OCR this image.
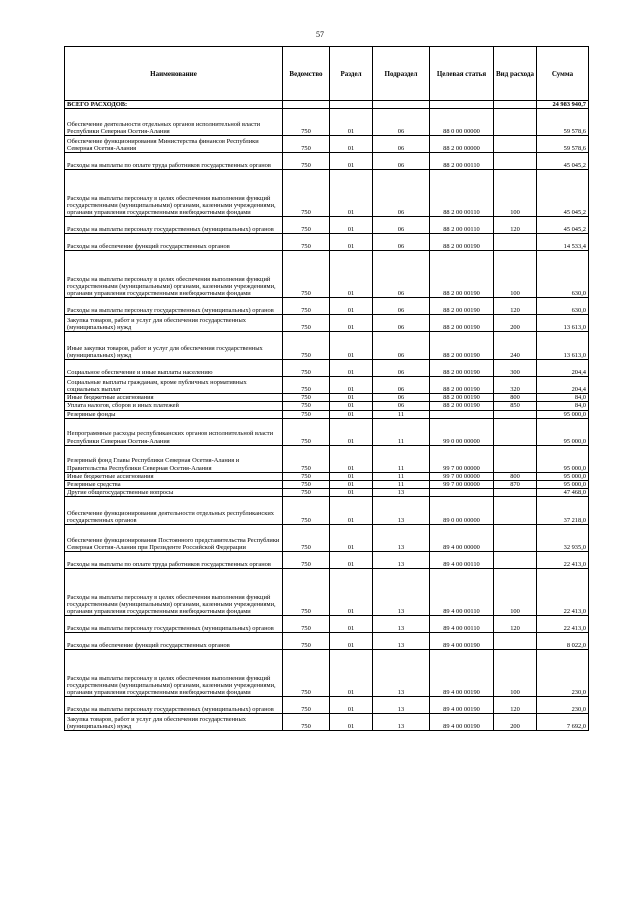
57
Наименование	Ведомство	Раздел	Подраздел	Целевая статья	Вид расхода	Сумма
ВСЕГО РАСХОДОВ:						24 983 940,7
Обеспечение деятельности отдельных органов исполнительной власти Республики Северная Осетия-Алания	750	01	06	88 0 00 00000		59 578,6
Обеспечение функционирования Министерства финансов Республики Северная Осетия-Алания	750	01	06	88 2 00 00000		59 578,6
Расходы на выплаты по оплате труда работников государственных органов	750	01	06	88 2 00 00110		45 045,2
Расходы на выплаты персоналу в целях обеспечения выполнения функций государственными (муниципальными) органами, казенными учреждениями, органами управления государственными внебюджетными фондами	750	01	06	88 2 00 00110	100	45 045,2
Расходы на выплаты персоналу государственных (муниципальных) органов	750	01	06	88 2 00 00110	120	45 045,2
Расходы на обеспечение функций государственных органов	750	01	06	88 2 00 00190		14 533,4
Расходы на выплаты персоналу в целях обеспечения выполнения функций государственными (муниципальными) органами, казенными учреждениями, органами управления государственными внебюджетными фондами	750	01	06	88 2 00 00190	100	630,0
Расходы на выплаты персоналу государственных (муниципальных) органов	750	01	06	88 2 00 00190	120	630,0
Закупка товаров, работ и услуг для обеспечения государственных (муниципальных) нужд	750	01	06	88 2 00 00190	200	13 613,0
Иные закупки товаров, работ и услуг для обеспечения государственных (муниципальных) нужд	750	01	06	88 2 00 00190	240	13 613,0
Социальное обеспечение и иные выплаты населению	750	01	06	88 2 00 00190	300	204,4
Социальные выплаты гражданам, кроме публичных нормативных социальных выплат	750	01	06	88 2 00 00190	320	204,4
Иные бюджетные ассигнования	750	01	06	88 2 00 00190	800	84,0
Уплата налогов, сборов и иных платежей	750	01	06	88 2 00 00190	850	84,0
Резервные фонды	750	01	11			95 000,0
Непрограммные расходы республиканских органов исполнительной власти Республики Северная Осетия-Алания	750	01	11	99 0 00 00000		95 000,0
Резервный фонд Главы Республики Северная Осетия-Алания и Правительства Республики Северная Осетия-Алания	750	01	11	99 7 00 00000		95 000,0
Иные бюджетные ассигнования	750	01	11	99 7 00 00000	800	95 000,0
Резервные средства	750	01	11	99 7 00 00000	870	95 000,0
Другие общегосударственные вопросы	750	01	13			47 468,0
Обеспечение функционирования деятельности отдельных республиканских государственных органов	750	01	13	89 0 00 00000		37 218,0
Обеспечение функционирования Постоянного представительства Республики Северная Осетия-Алания при Президенте Российской Федерации	750	01	13	89 4 00 00000		32 935,0
Расходы на выплаты по оплате труда работников государственных органов	750	01	13	89 4 00 00110		22 413,0
Расходы на выплаты персоналу в целях обеспечения выполнения функций государственными (муниципальными) органами, казенными учреждениями, органами управления государственными внебюджетными фондами	750	01	13	89 4 00 00110	100	22 413,0
Расходы на выплаты персоналу государственных (муниципальных) органов	750	01	13	89 4 00 00110	120	22 413,0
Расходы на обеспечение функций государственных органов	750	01	13	89 4 00 00190		8 022,0
Расходы на выплаты персоналу в целях обеспечения выполнения функций государственными (муниципальными) органами, казенными учреждениями, органами управления государственными внебюджетными фондами	750	01	13	89 4 00 00190	100	230,0
Расходы на выплаты персоналу государственных (муниципальных) органов	750	01	13	89 4 00 00190	120	230,0
Закупка товаров, работ и услуг для обеспечения государственных (муниципальных) нужд	750	01	13	89 4 00 00190	200	7 692,0
